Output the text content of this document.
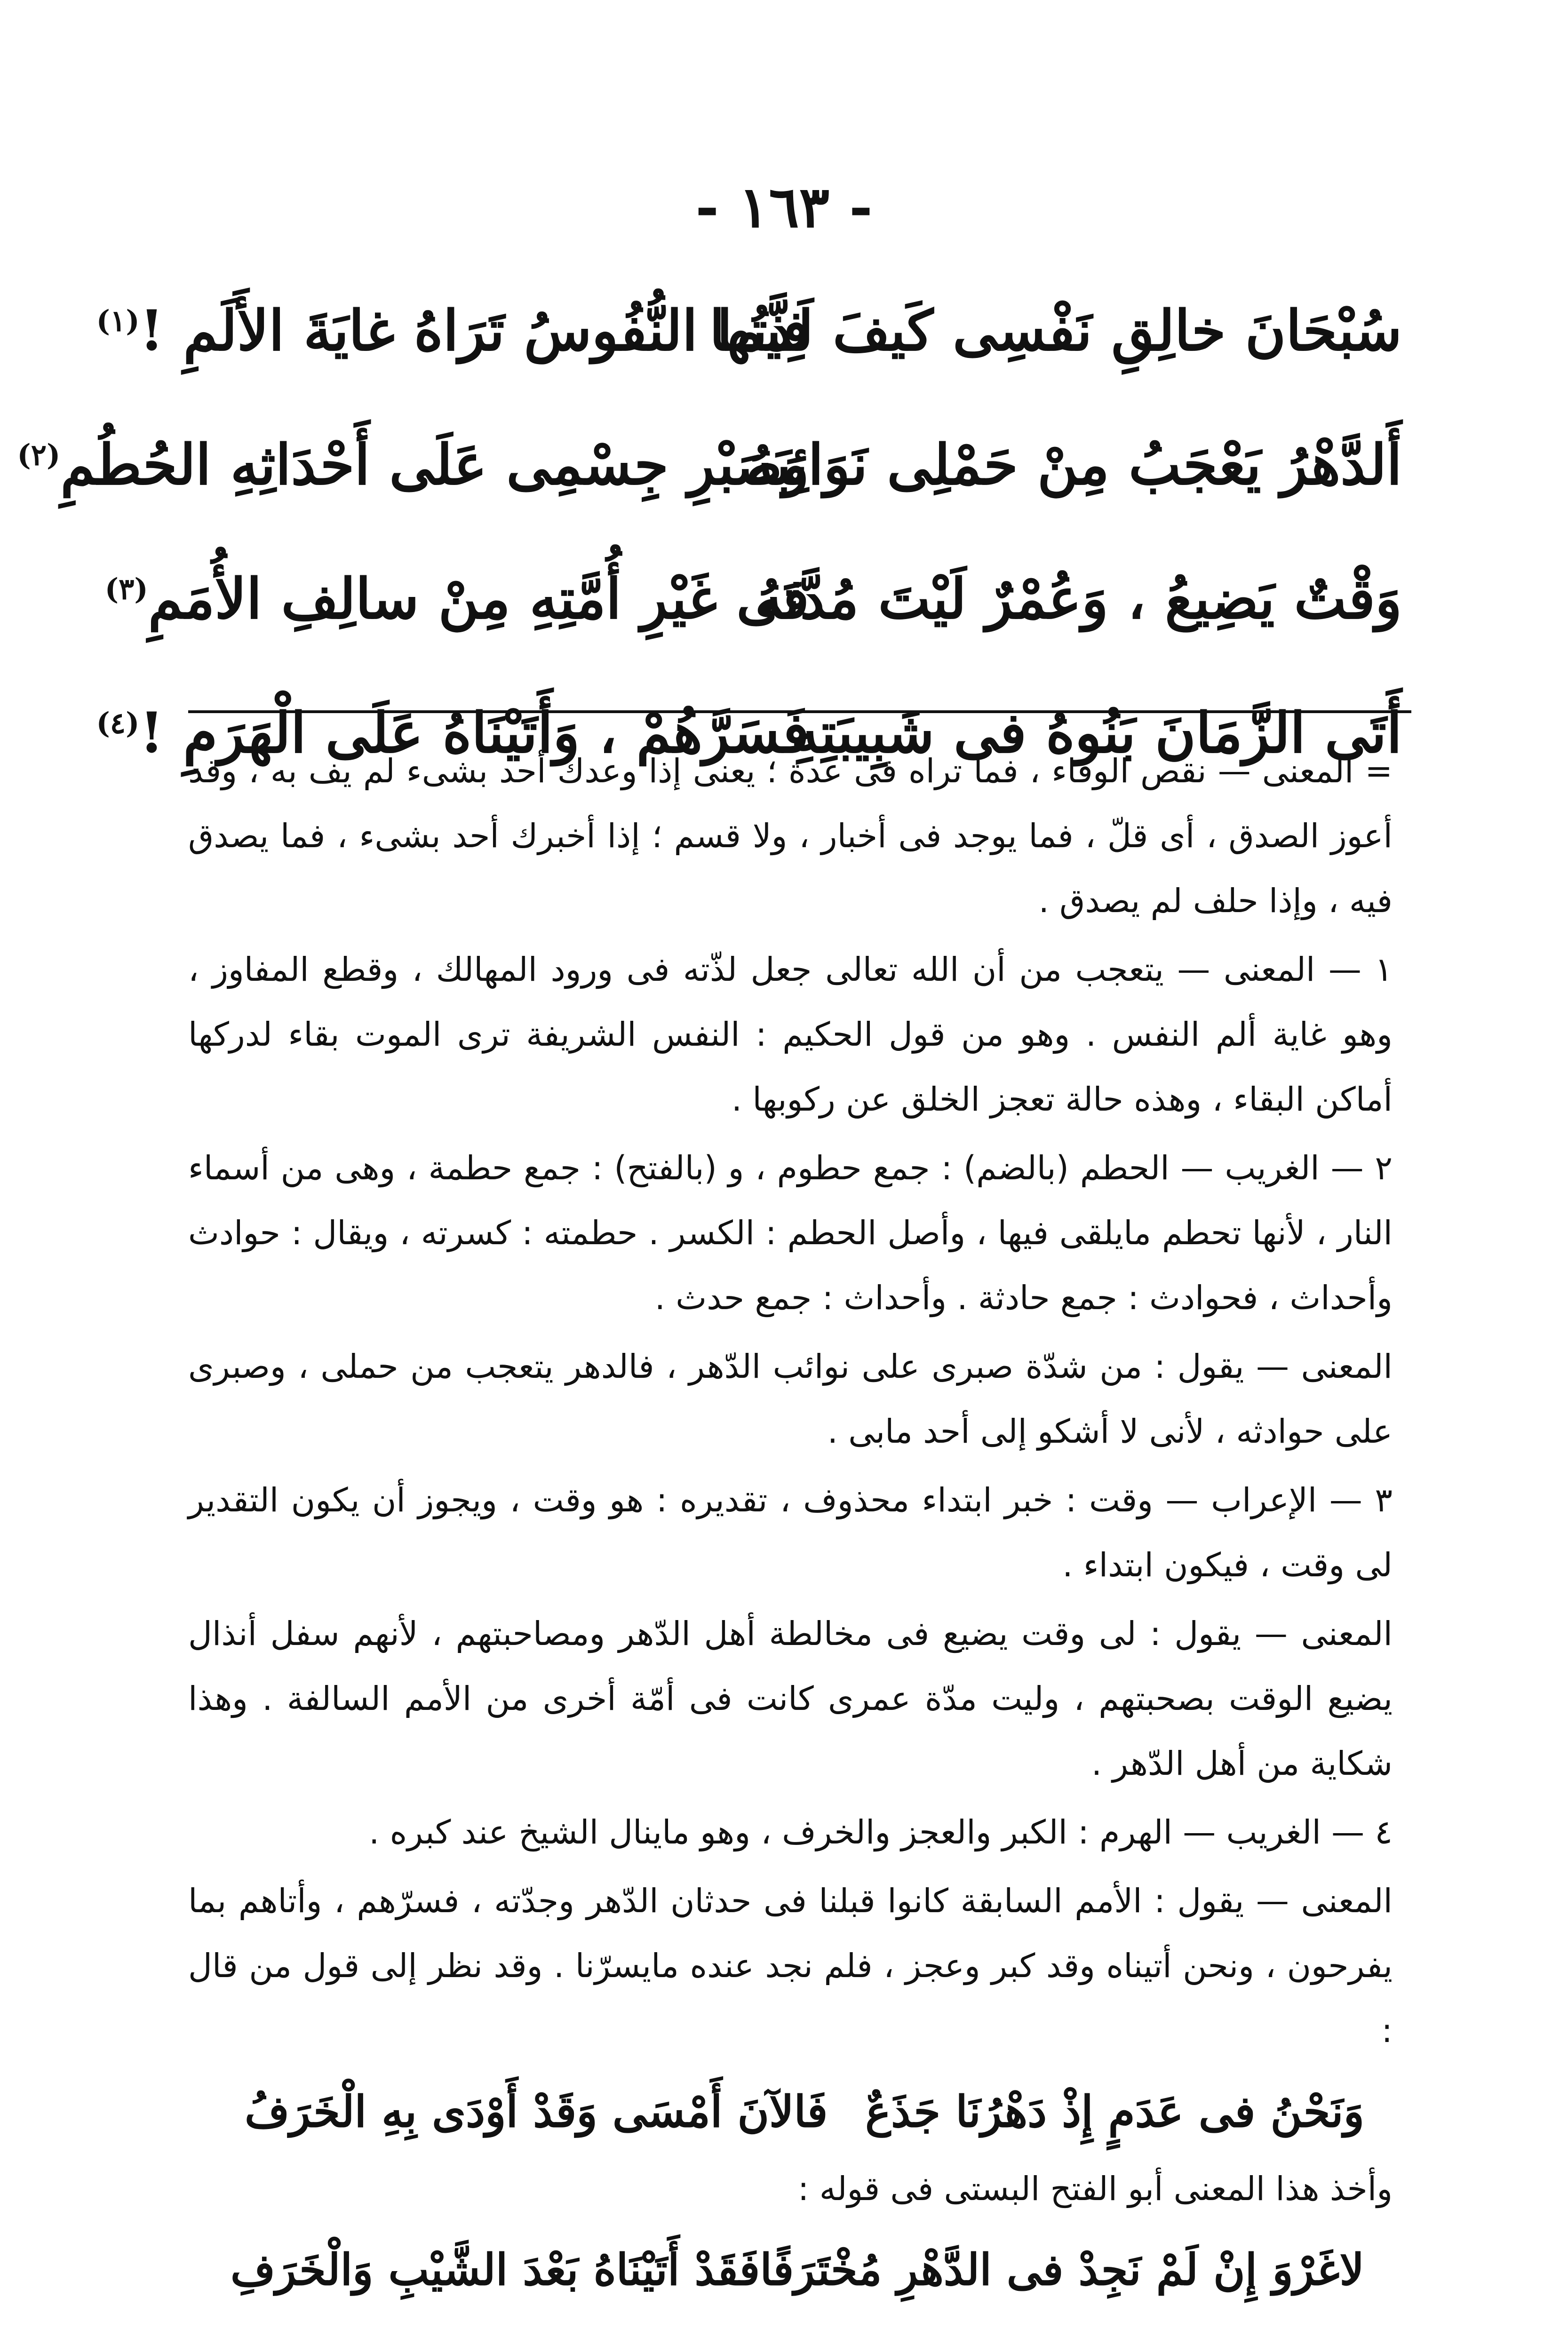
- ١٦٣ -
سُبْحَانَ خالِقِ نَفْسِى كَيفَ لَذَّتُها
فِيما النُّفُوسُ تَرَاهُ غايَةَ الأَلَمِ !$^{(١)}$
أَلدَّهْرُ يَعْجَبُ مِنْ حَمْلِى نَوَائِبَهُ
وَصَبْرِ جِسْمِى عَلَى أَحْدَاثِهِ الحُطُمِ$^{(٢)}$
وَقْتٌ يَضِيعُ ، وَعُمْرٌ لَيْتَ مُدَّتَهُ
فى غَيْرِ أُمَّتِهِ مِنْ سالِفِ الأُمَمِ$^{(٣)}$
أَتَى الزَّمَانَ بَنُوهُ فى شَبِيبَتِهِ
فَسَرَّهُمْ ، وَأَتَيْنَاهُ عَلَى الْهَرَمِ !$^{(٤)}$

= المعنى — نقص الوفاء ، فما تراه فى عدة ؛ يعنى إذا وعدك أحد بشىء لم يف به ، وقد أعوز الصدق ، أى قلّ ، فما يوجد فى أخبار ، ولا قسم ؛ إذا أخبرك أحد بشىء ، فما يصدق فيه ، وإذا حلف لم يصدق .

١ — المعنى — يتعجب من أن الله تعالى جعل لذّته فى ورود المهالك ، وقطع المفاوز ، وهو غاية ألم النفس . وهو من قول الحكيم : النفس الشريفة ترى الموت بقاء لدركها أماكن البقاء ، وهذه حالة تعجز الخلق عن ركوبها .

٢ — الغريب — الحطم (بالضم) : جمع حطوم ، و (بالفتح) : جمع حطمة ، وهى من أسماء النار ، لأنها تحطم مايلقى فيها ، وأصل الحطم : الكسر . حطمته : كسرته ، ويقال : حوادث وأحداث ، فحوادث : جمع حادثة . وأحداث : جمع حدث .

المعنى — يقول : من شدّة صبرى على نوائب الدّهر ، فالدهر يتعجب من حملى ، وصبرى على حوادثه ، لأنى لا أشكو إلى أحد مابى .

٣ — الإعراب — وقت : خبر ابتداء محذوف ، تقديره : هو وقت ، ويجوز أن يكون التقدير لى وقت ، فيكون ابتداء .

المعنى — يقول : لى وقت يضيع فى مخالطة أهل الدّهر ومصاحبتهم ، لأنهم سفل أنذال يضيع الوقت بصحبتهم ، وليت مدّة عمرى كانت فى أمّة أخرى من الأمم السالفة . وهذا شكاية من أهل الدّهر .

٤ — الغريب — الهرم : الكبر والعجز والخرف ، وهو ماينال الشيخ عند كبره .

المعنى — يقول : الأمم السابقة كانوا قبلنا فى حدثان الدّهر وجدّته ، فسرّهم ، وأتاهم بما يفرحون ، ونحن أتيناه وقد كبر وعجز ، فلم نجد عنده مايسرّنا . وقد نظر إلى قول من قال :

وَنَحْنُ فى عَدَمٍ إِذْ دَهْرُنَا جَذَعٌ
فَالآنَ أَمْسَى وَقَدْ أَوْدَى بِهِ الْخَرَفُ

وأخذ هذا المعنى أبو الفتح البستى فى قوله :

لاغَرْوَ إِنْ لَمْ نَجِدْ فى الدَّهْرِ مُخْتَرَفًا
فَقَدْ أَتَيْنَاهُ بَعْدَ الشَّيْبِ وَالْخَرَفِ
